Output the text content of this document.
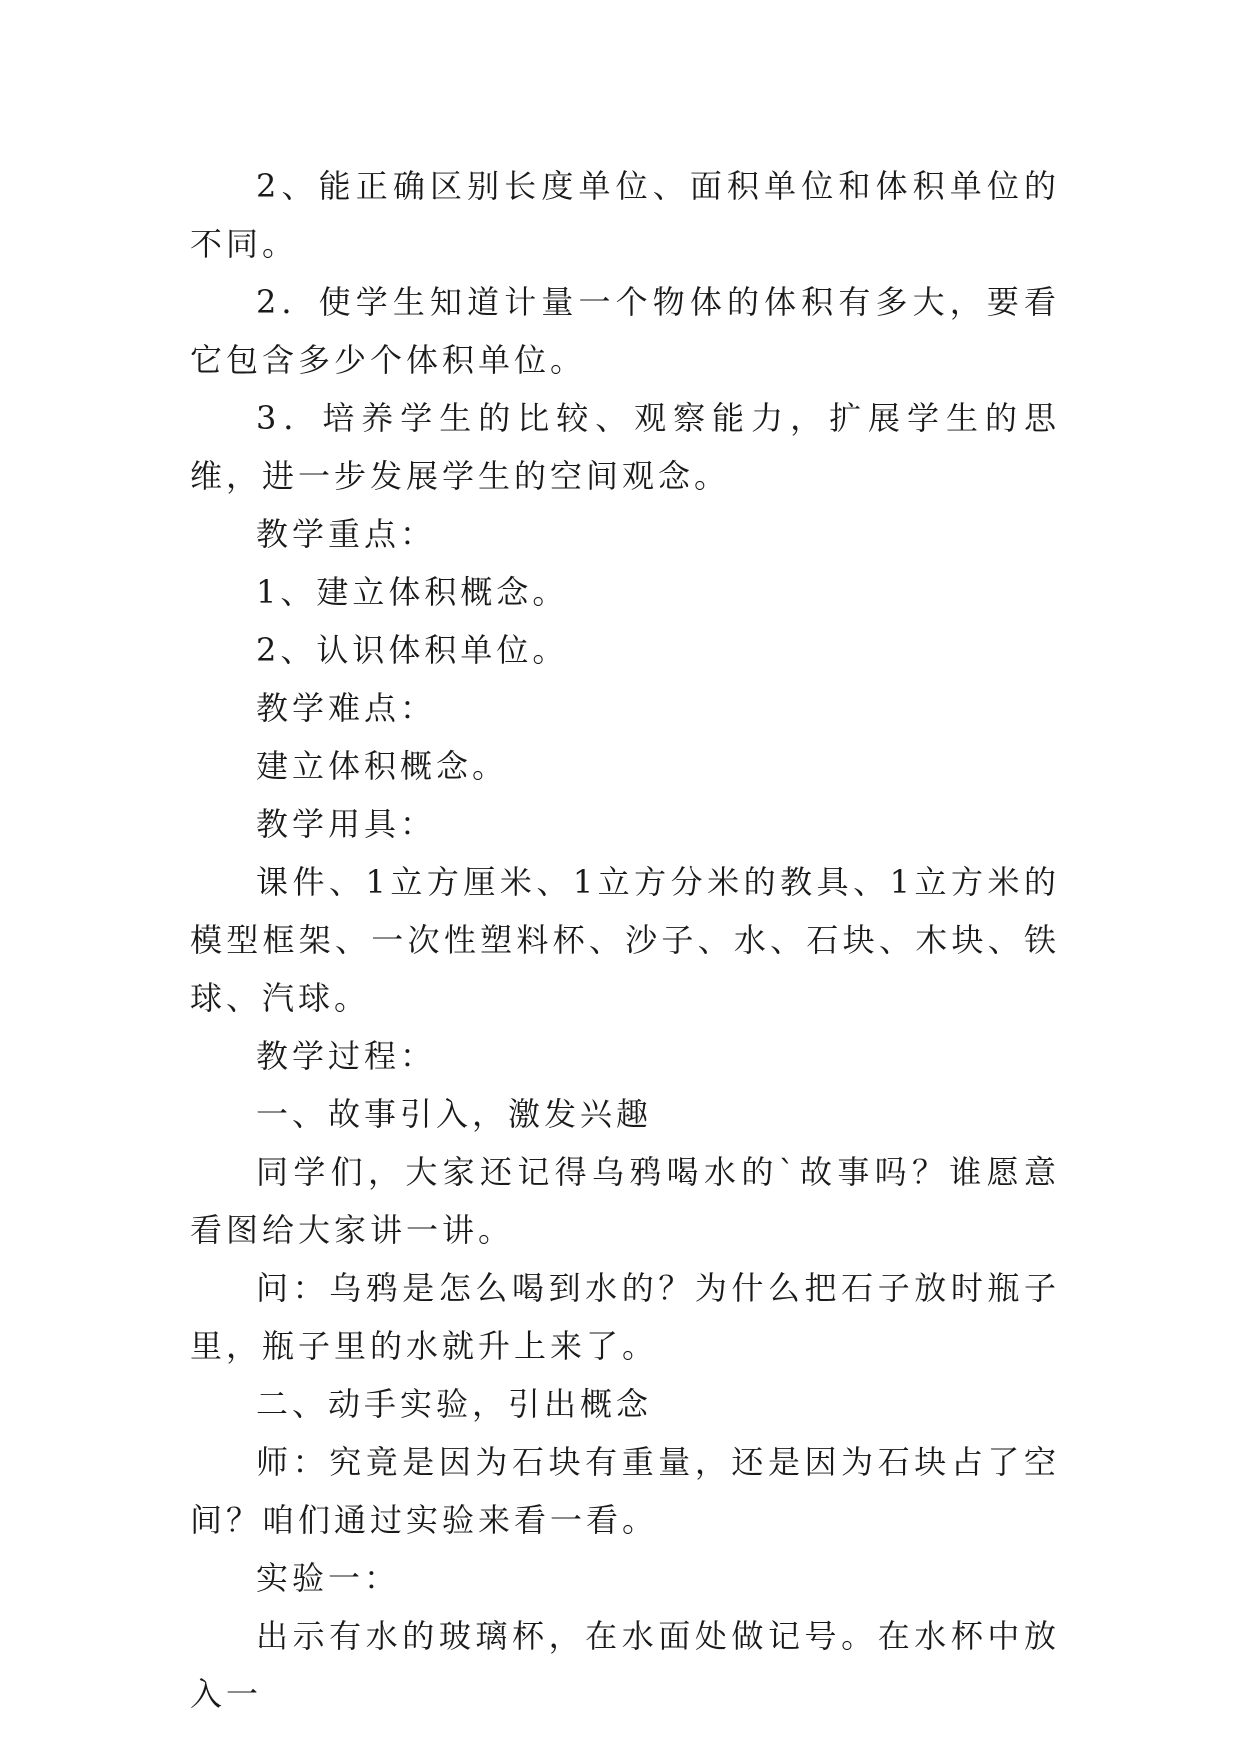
2、能正确区别长度单位、面积单位和体积单位的不同。

2．使学生知道计量一个物体的体积有多大，要看它包含多少个体积单位。

3．培养学生的比较、观察能力，扩展学生的思维，进一步发展学生的空间观念。

教学重点：

1、建立体积概念。

2、认识体积单位。

教学难点：

建立体积概念。

教学用具：

课件、1立方厘米、1立方分米的教具、1立方米的模型框架、一次性塑料杯、沙子、水、石块、木块、铁球、汽球。

教学过程：

一、故事引入，激发兴趣

同学们，大家还记得乌鸦喝水的`故事吗？谁愿意看图给大家讲一讲。

问：乌鸦是怎么喝到水的？为什么把石子放时瓶子里，瓶子里的水就升上来了。

二、动手实验，引出概念

师：究竟是因为石块有重量，还是因为石块占了空间？咱们通过实验来看一看。

实验一：

出示有水的玻璃杯，在水面处做记号。在水杯中放入一
